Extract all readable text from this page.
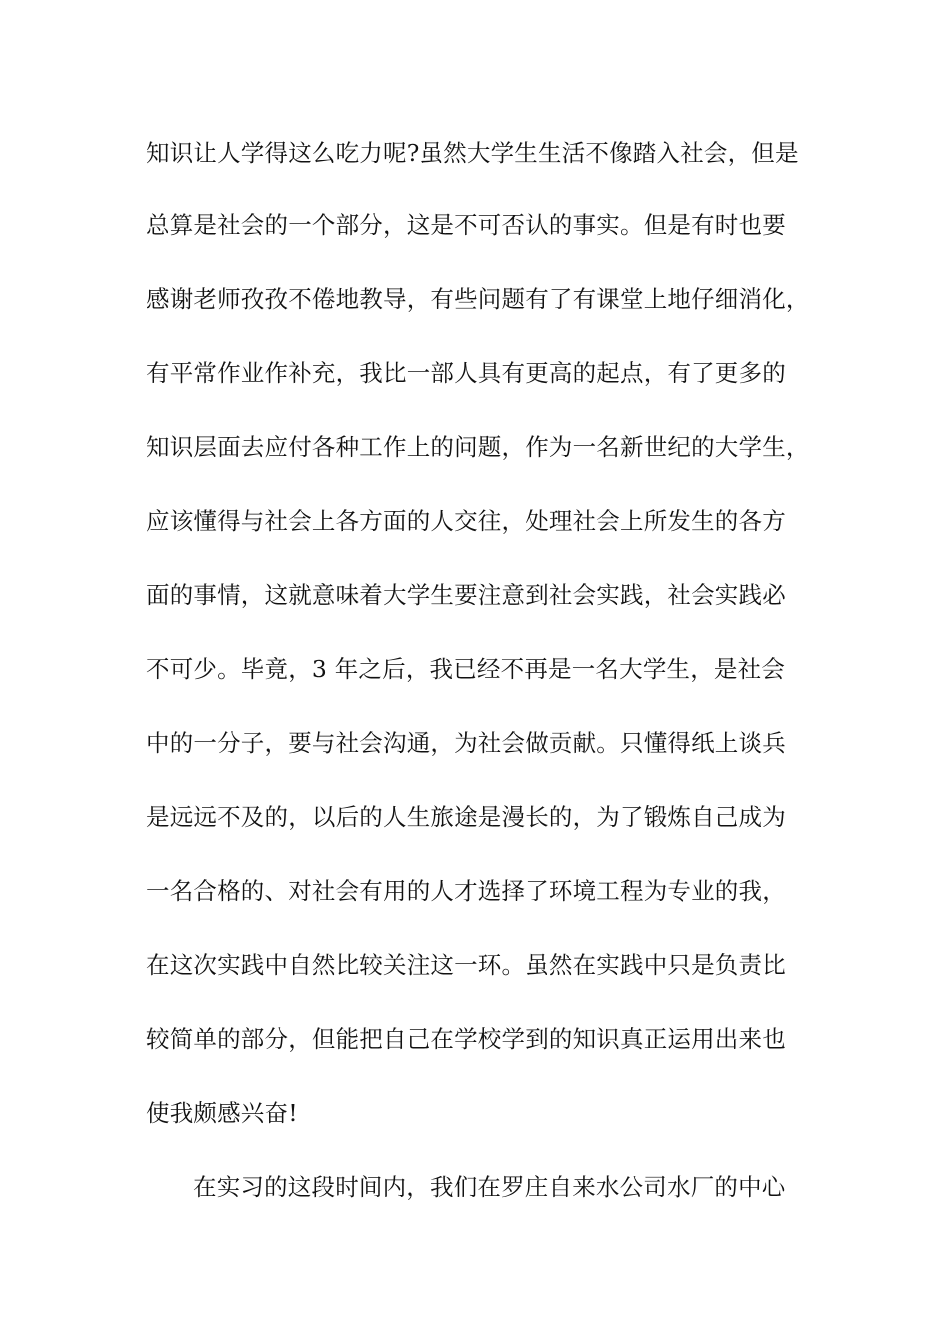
知识让人学得这么吃力呢?虽然大学生生活不像踏入社会，但是
总算是社会的一个部分，这是不可否认的事实。但是有时也要
感谢老师孜孜不倦地教导，有些问题有了有课堂上地仔细消化，
有平常作业作补充，我比一部人具有更高的起点，有了更多的
知识层面去应付各种工作上的问题，作为一名新世纪的大学生，
应该懂得与社会上各方面的人交往，处理社会上所发生的各方
面的事情，这就意味着大学生要注意到社会实践，社会实践必
不可少。毕竟，3 年之后，我已经不再是一名大学生，是社会
中的一分子，要与社会沟通，为社会做贡献。只懂得纸上谈兵
是远远不及的，以后的人生旅途是漫长的，为了锻炼自己成为
一名合格的、对社会有用的人才选择了环境工程为专业的我，
在这次实践中自然比较关注这一环。虽然在实践中只是负责比
较简单的部分，但能把自己在学校学到的知识真正运用出来也
使我颇感兴奋!
在实习的这段时间内，我们在罗庄自来水公司水厂的中心
